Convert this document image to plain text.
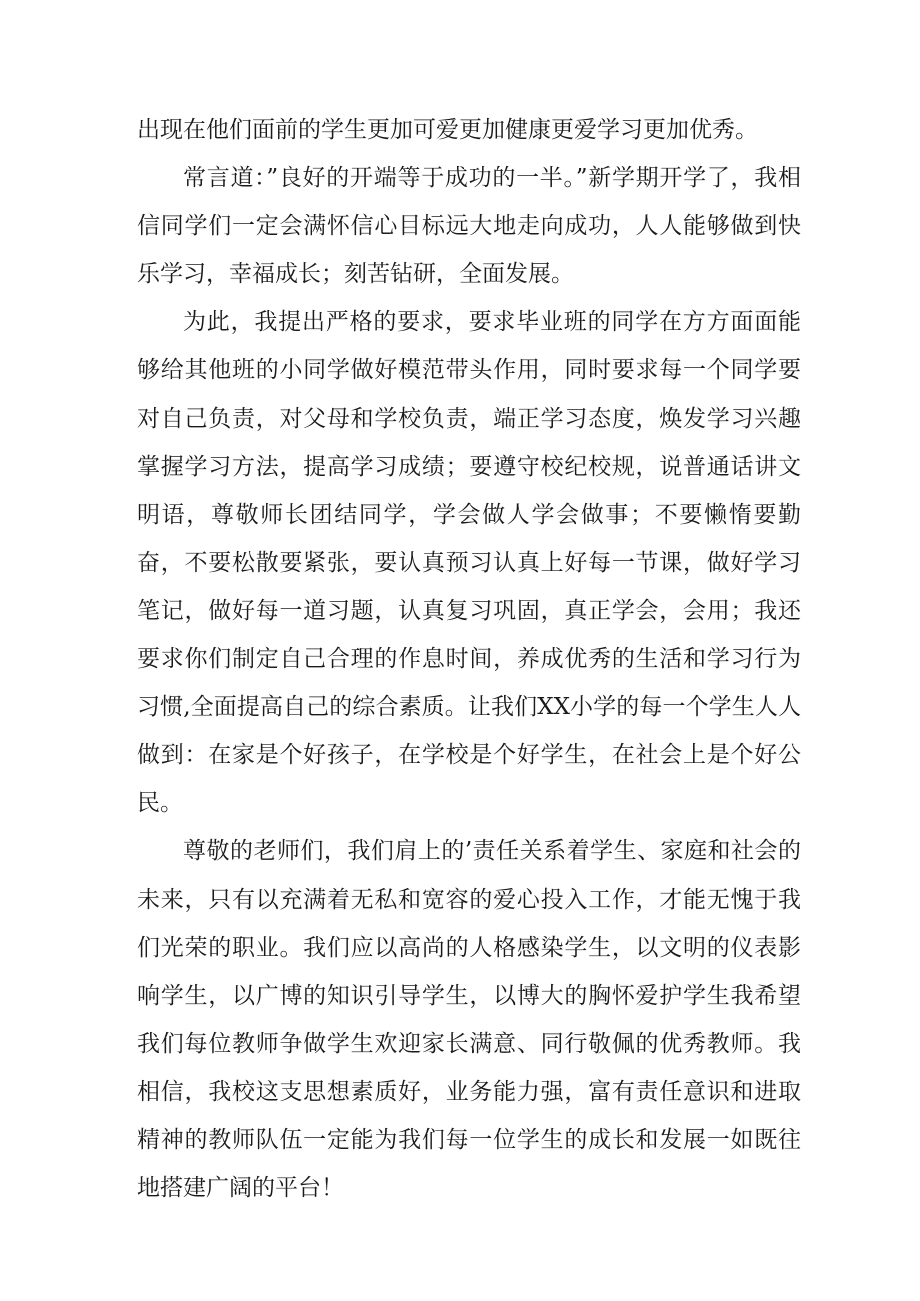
出现在他们面前的学生更加可爱更加健康更爱学习更加优秀。

常言道：”良好的开端等于成功的一半。”新学期开学了，我相信同学们一定会满怀信心目标远大地走向成功，人人能够做到快乐学习，幸福成长；刻苦钻研，全面发展。

为此，我提出严格的要求，要求毕业班的同学在方方面面能够给其他班的小同学做好模范带头作用，同时要求每一个同学要对自己负责，对父母和学校负责，端正学习态度，焕发学习兴趣掌握学习方法，提高学习成绩；要遵守校纪校规，说普通话讲文明语，尊敬师长团结同学，学会做人学会做事；不要懒惰要勤奋，不要松散要紧张，要认真预习认真上好每一节课，做好学习笔记，做好每一道习题，认真复习巩固，真正学会，会用；我还要求你们制定自己合理的作息时间，养成优秀的生活和学习行为习惯,全面提高自己的综合素质。让我们XX小学的每一个学生人人做到：在家是个好孩子，在学校是个好学生，在社会上是个好公民。

尊敬的老师们，我们肩上的’责任关系着学生、家庭和社会的未来，只有以充满着无私和宽容的爱心投入工作，才能无愧于我们光荣的职业。我们应以高尚的人格感染学生，以文明的仪表影响学生，以广博的知识引导学生，以博大的胸怀爱护学生我希望我们每位教师争做学生欢迎家长满意、同行敬佩的优秀教师。我相信，我校这支思想素质好，业务能力强，富有责任意识和进取精神的教师队伍一定能为我们每一位学生的成长和发展一如既往地搭建广阔的平台！
